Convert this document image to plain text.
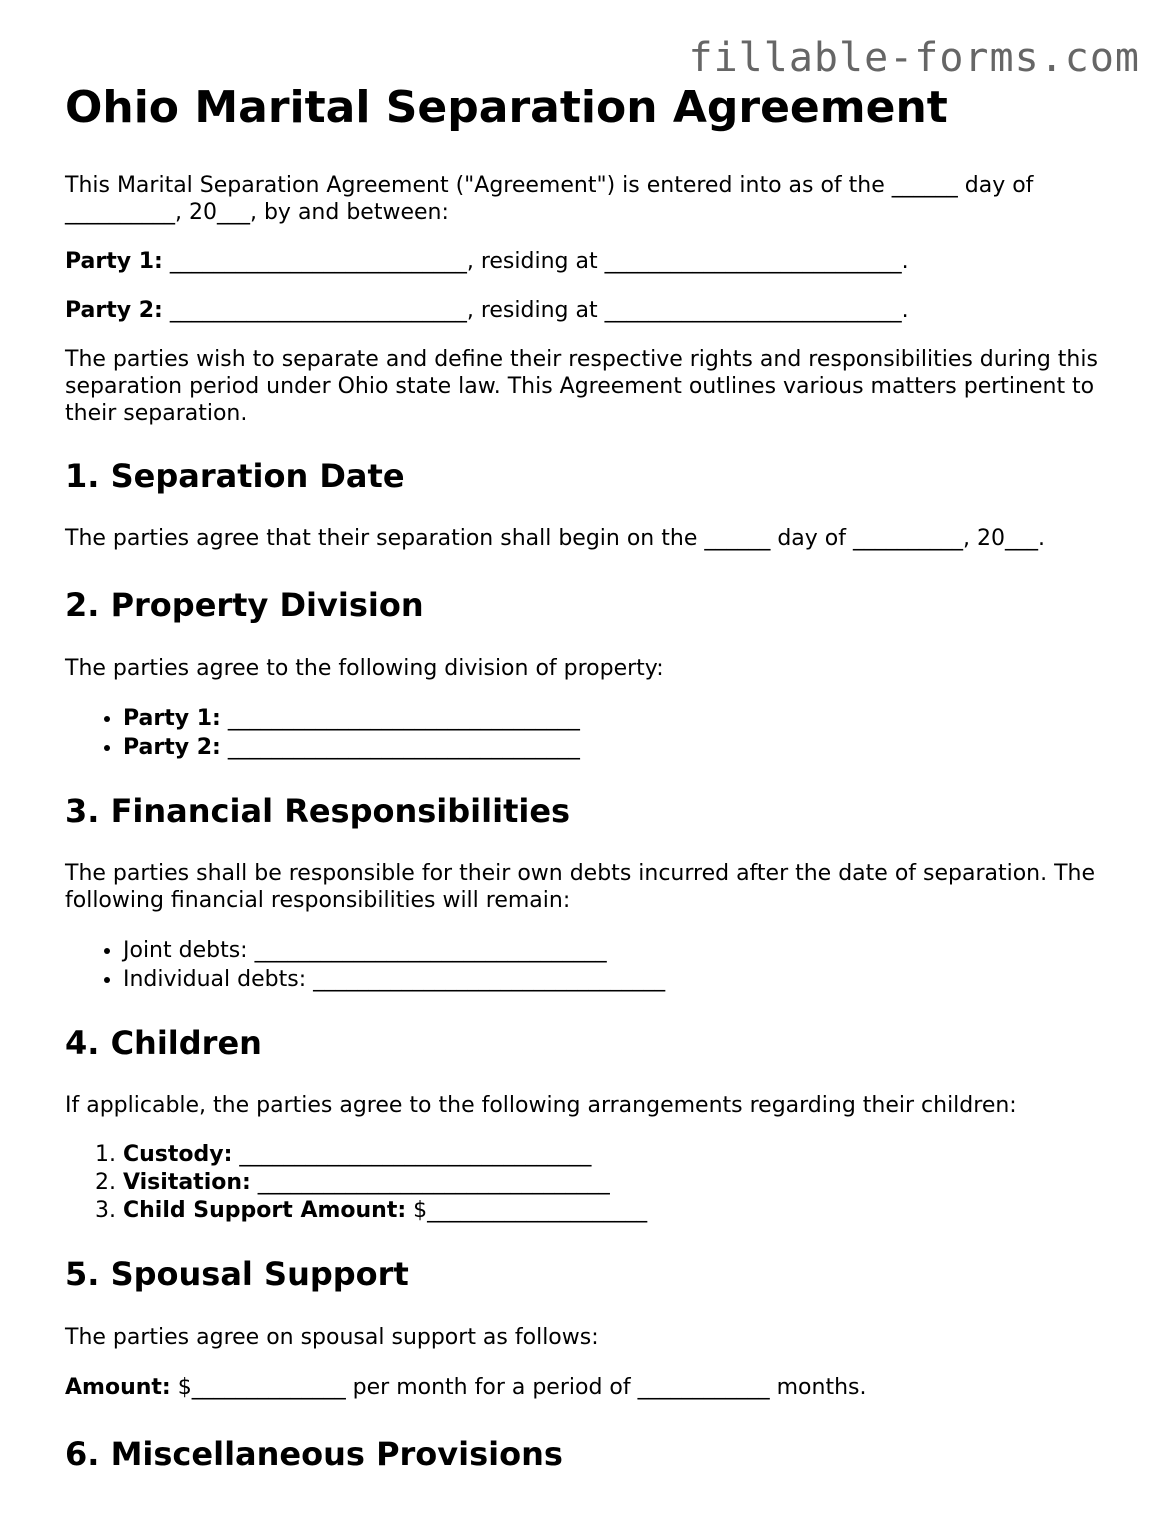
fillable-forms.com
Ohio Marital Separation Agreement

This Marital Separation Agreement ("Agreement") is entered into as of the ______ day of __________, 20___, by and between:

Party 1: ___________________________, residing at ___________________________.

Party 2: ___________________________, residing at ___________________________.

The parties wish to separate and define their respective rights and responsibilities during this separation period under Ohio state law. This Agreement outlines various matters pertinent to their separation.

1. Separation Date

The parties agree that their separation shall begin on the ______ day of __________, 20___.

2. Property Division

The parties agree to the following division of property:

• Party 1: ________________________________
• Party 2: ________________________________
3. Financial Responsibilities

The parties shall be responsible for their own debts incurred after the date of separation. The following financial responsibilities will remain:

• Joint debts: ________________________________
• Individual debts: ________________________________
4. Children

If applicable, the parties agree to the following arrangements regarding their children:

1. Custody: ________________________________
2. Visitation: ________________________________
3. Child Support Amount: $____________________
5. Spousal Support

The parties agree on spousal support as follows:

Amount: $______________ per month for a period of ____________ months.

6. Miscellaneous Provisions
